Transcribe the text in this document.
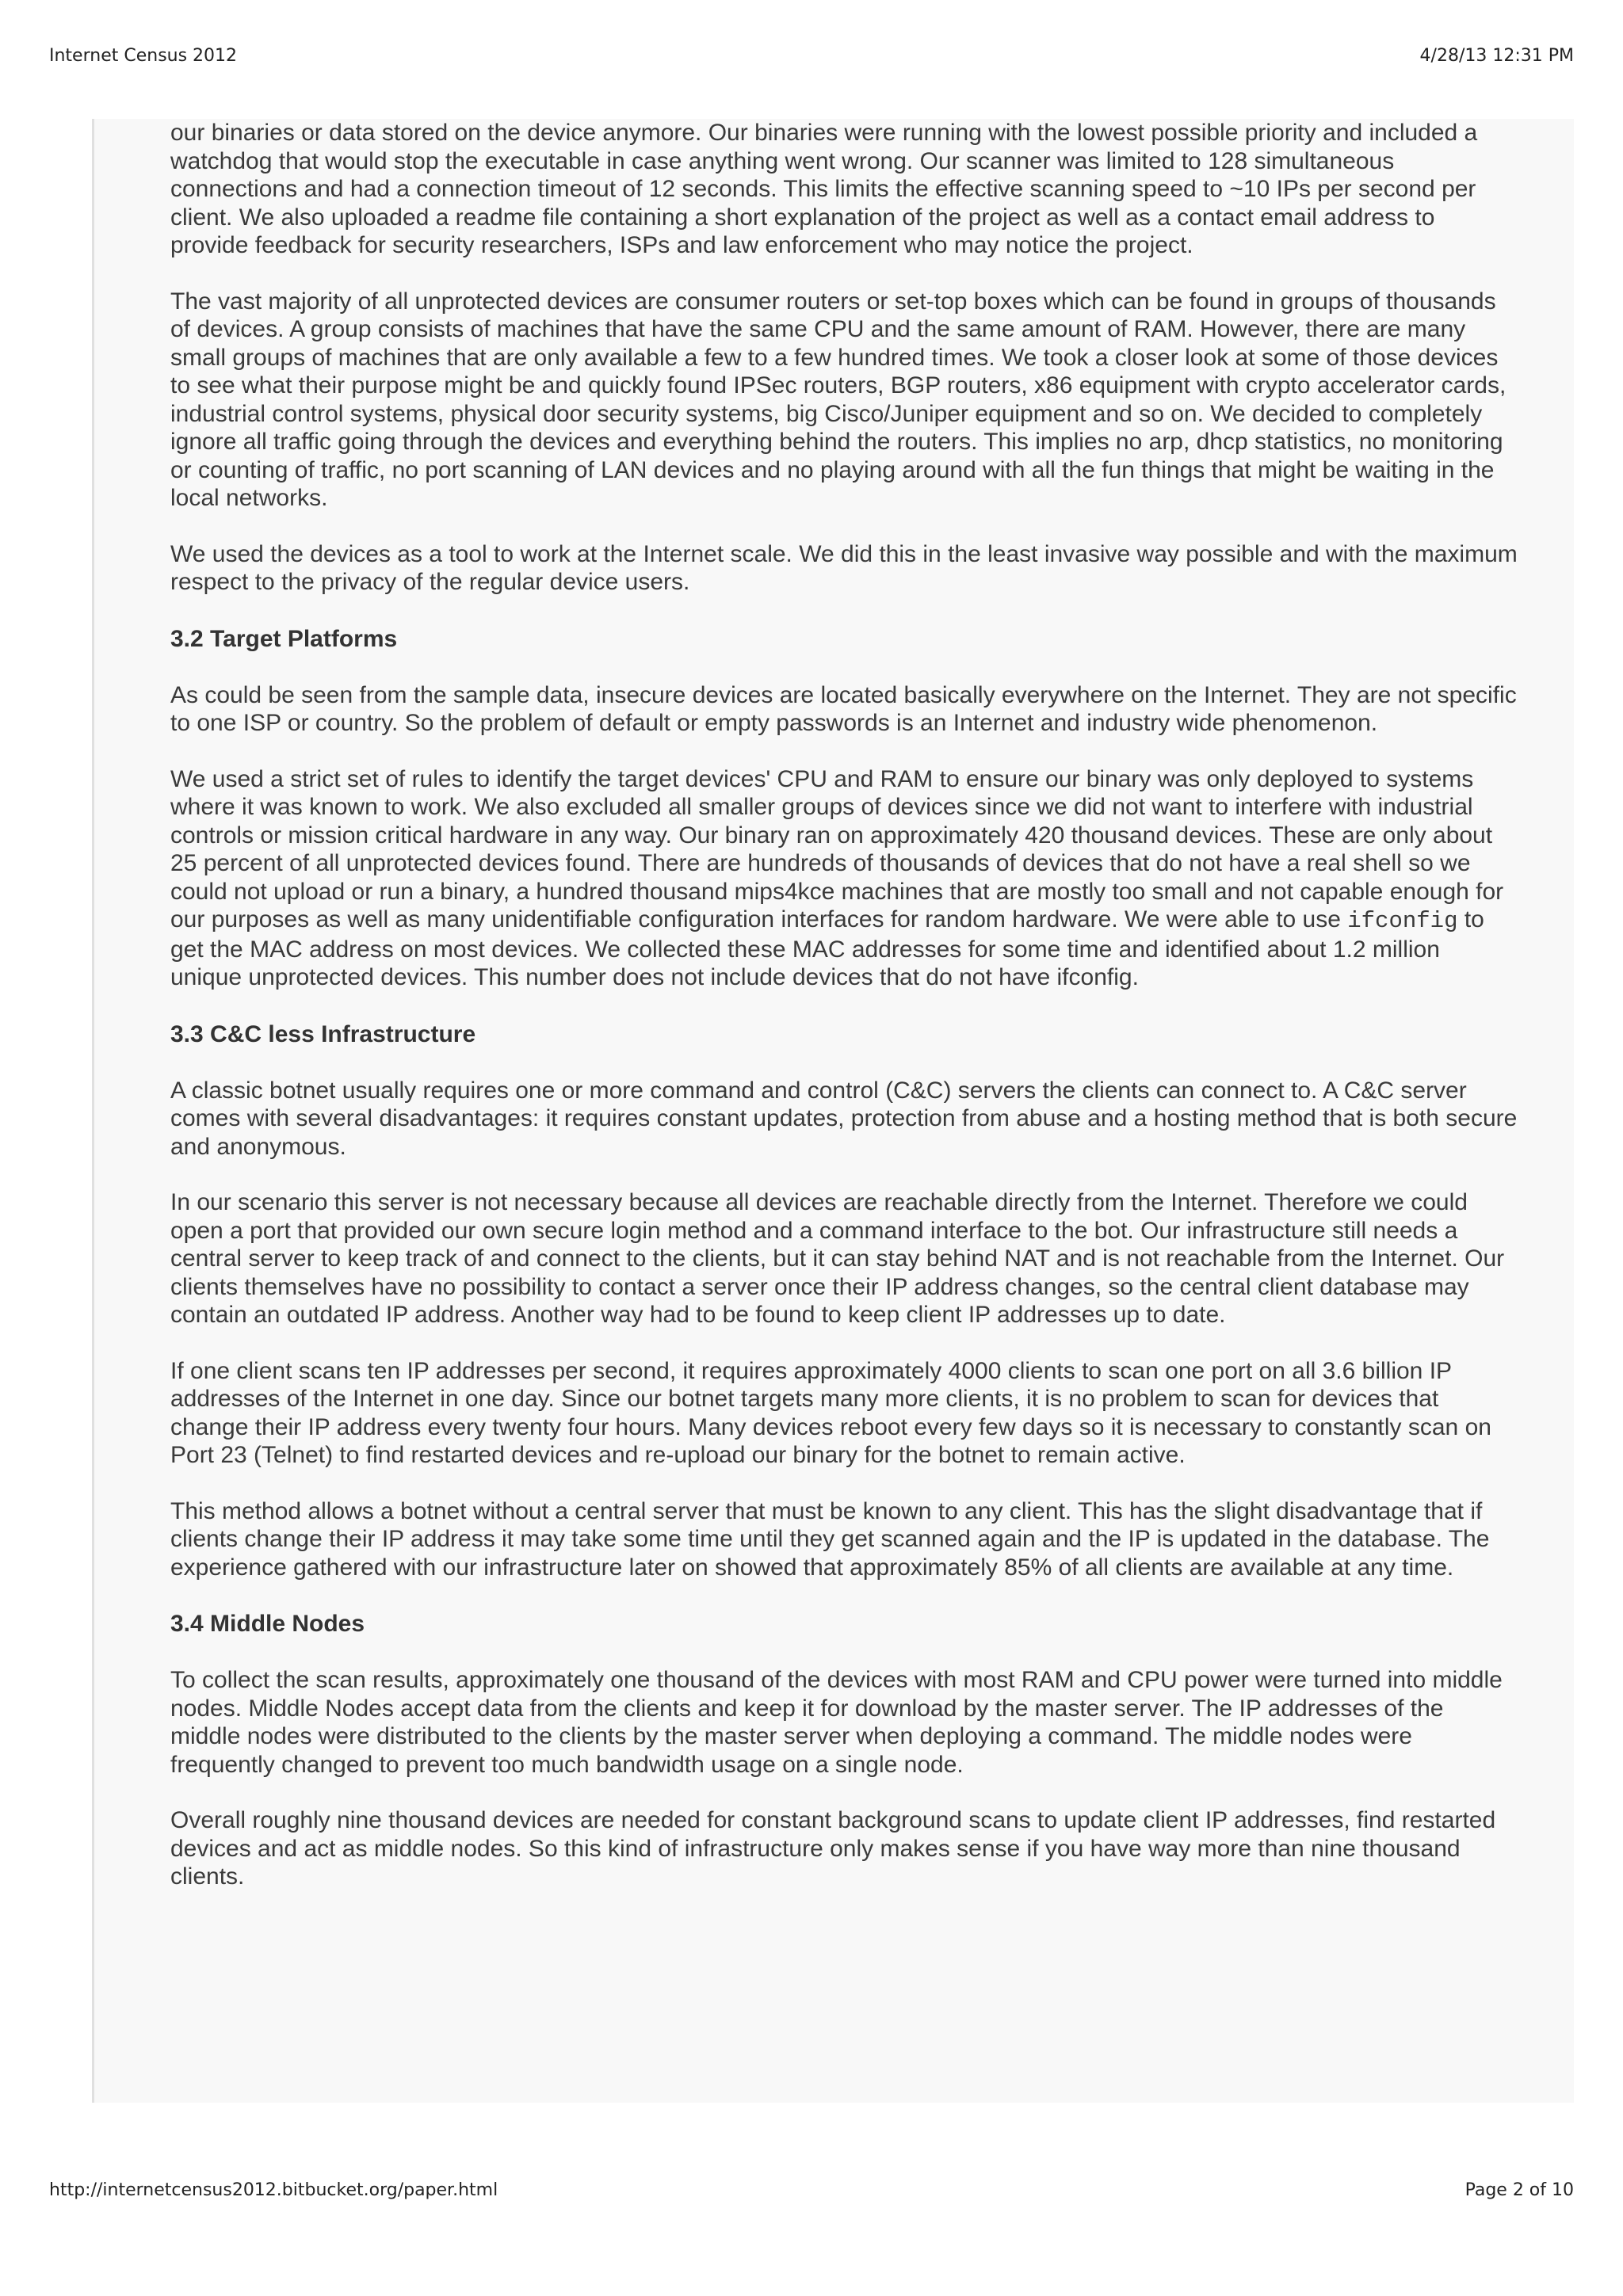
Internet Census 2012	4/28/13 12:31 PM

our binaries or data stored on the device anymore. Our binaries were running with the lowest possible priority and included a watchdog that would stop the executable in case anything went wrong. Our scanner was limited to 128 simultaneous connections and had a connection timeout of 12 seconds. This limits the effective scanning speed to ~10 IPs per second per client. We also uploaded a readme file containing a short explanation of the project as well as a contact email address to provide feedback for security researchers, ISPs and law enforcement who may notice the project.

The vast majority of all unprotected devices are consumer routers or set-top boxes which can be found in groups of thousands of devices. A group consists of machines that have the same CPU and the same amount of RAM. However, there are many small groups of machines that are only available a few to a few hundred times. We took a closer look at some of those devices to see what their purpose might be and quickly found IPSec routers, BGP routers, x86 equipment with crypto accelerator cards, industrial control systems, physical door security systems, big Cisco/Juniper equipment and so on. We decided to completely ignore all traffic going through the devices and everything behind the routers. This implies no arp, dhcp statistics, no monitoring or counting of traffic, no port scanning of LAN devices and no playing around with all the fun things that might be waiting in the local networks.

We used the devices as a tool to work at the Internet scale. We did this in the least invasive way possible and with the maximum respect to the privacy of the regular device users.

3.2 Target Platforms

As could be seen from the sample data, insecure devices are located basically everywhere on the Internet. They are not specific to one ISP or country. So the problem of default or empty passwords is an Internet and industry wide phenomenon.

We used a strict set of rules to identify the target devices' CPU and RAM to ensure our binary was only deployed to systems where it was known to work. We also excluded all smaller groups of devices since we did not want to interfere with industrial controls or mission critical hardware in any way. Our binary ran on approximately 420 thousand devices. These are only about 25 percent of all unprotected devices found. There are hundreds of thousands of devices that do not have a real shell so we could not upload or run a binary, a hundred thousand mips4kce machines that are mostly too small and not capable enough for our purposes as well as many unidentifiable configuration interfaces for random hardware. We were able to use ifconfig to get the MAC address on most devices. We collected these MAC addresses for some time and identified about 1.2 million unique unprotected devices. This number does not include devices that do not have ifconfig.

3.3 C&C less Infrastructure

A classic botnet usually requires one or more command and control (C&C) servers the clients can connect to. A C&C server comes with several disadvantages: it requires constant updates, protection from abuse and a hosting method that is both secure and anonymous.

In our scenario this server is not necessary because all devices are reachable directly from the Internet. Therefore we could open a port that provided our own secure login method and a command interface to the bot. Our infrastructure still needs a central server to keep track of and connect to the clients, but it can stay behind NAT and is not reachable from the Internet. Our clients themselves have no possibility to contact a server once their IP address changes, so the central client database may contain an outdated IP address. Another way had to be found to keep client IP addresses up to date.

If one client scans ten IP addresses per second, it requires approximately 4000 clients to scan one port on all 3.6 billion IP addresses of the Internet in one day. Since our botnet targets many more clients, it is no problem to scan for devices that change their IP address every twenty four hours. Many devices reboot every few days so it is necessary to constantly scan on Port 23 (Telnet) to find restarted devices and re-upload our binary for the botnet to remain active.

This method allows a botnet without a central server that must be known to any client. This has the slight disadvantage that if clients change their IP address it may take some time until they get scanned again and the IP is updated in the database. The experience gathered with our infrastructure later on showed that approximately 85% of all clients are available at any time.

3.4 Middle Nodes

To collect the scan results, approximately one thousand of the devices with most RAM and CPU power were turned into middle nodes. Middle Nodes accept data from the clients and keep it for download by the master server. The IP addresses of the middle nodes were distributed to the clients by the master server when deploying a command. The middle nodes were frequently changed to prevent too much bandwidth usage on a single node.

Overall roughly nine thousand devices are needed for constant background scans to update client IP addresses, find restarted devices and act as middle nodes. So this kind of infrastructure only makes sense if you have way more than nine thousand clients.

http://internetcensus2012.bitbucket.org/paper.html	Page 2 of 10
